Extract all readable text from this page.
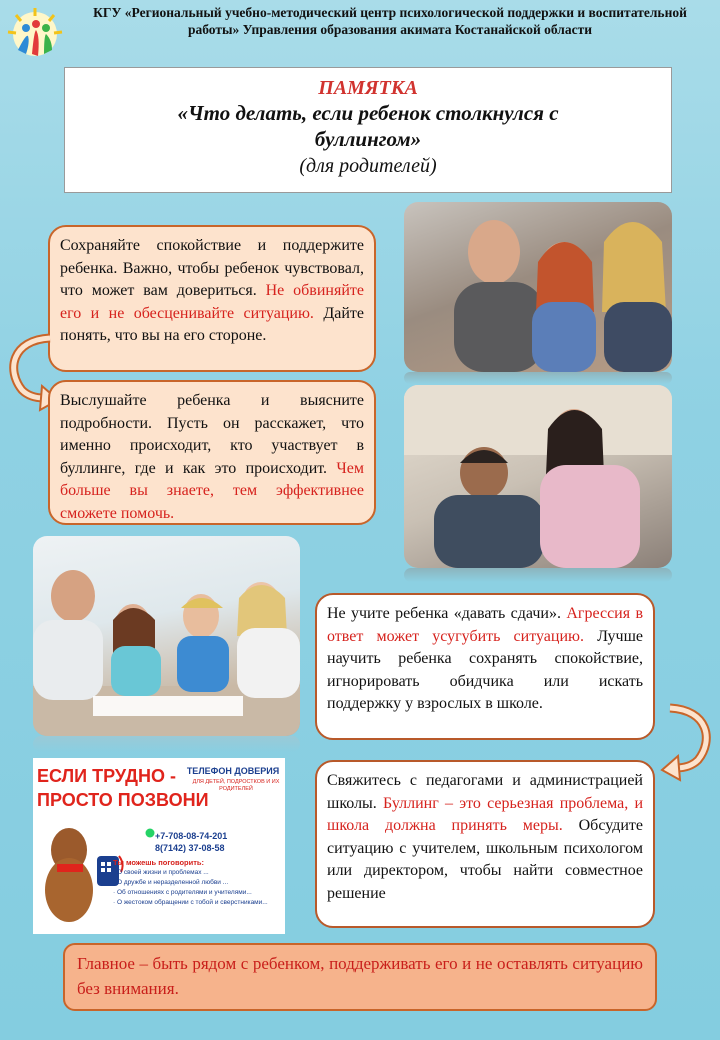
КГУ «Региональный учебно-методический центр психологической поддержки и воспитательной работы» Управления образования акимата Костанайской области
ПАМЯТКА
«Что делать, если ребенок столкнулся с буллингом»
(для родителей)
Сохраняйте спокойствие и поддержите ребенка. Важно, чтобы ребенок чувствовал, что может вам довериться. Не обвиняйте его и не обесценивайте ситуацию. Дайте понять, что вы на его стороне.
Выслушайте ребенка и выясните подробности. Пусть он расскажет, что именно происходит, кто участвует в буллинге, где и как это происходит. Чем больше вы знаете, тем эффективнее сможете помочь.
Не учите ребенка «давать сдачи». Агрессия в ответ может усугубить ситуацию. Лучше научить ребенка сохранять спокойствие, игнорировать обидчика или искать поддержку у взрослых в школе.
Свяжитесь с педагогами и администрацией школы. Буллинг – это серьезная проблема, и школа должна принять меры. Обсудите ситуацию с учителем, школьным психологом или директором, чтобы найти совместное решение
ЕСЛИ ТРУДНО -
ПРОСТО ПОЗВОНИ
ТЕЛЕФОН ДОВЕРИЯ
ДЛЯ ДЕТЕЙ, ПОДРОСТКОВ И ИХ РОДИТЕЛЕЙ
+7-708-08-74-201
8(7142) 37-08-58
Ты можешь поговорить:
· О своей жизни и проблемах ...
· О дружбе и неразделенной любви ...
· Об отношениях с родителями и учителями...
· О жестоком обращении с тобой и сверстниками...
Главное – быть рядом с ребенком, поддерживать его и не оставлять ситуацию без внимания.
